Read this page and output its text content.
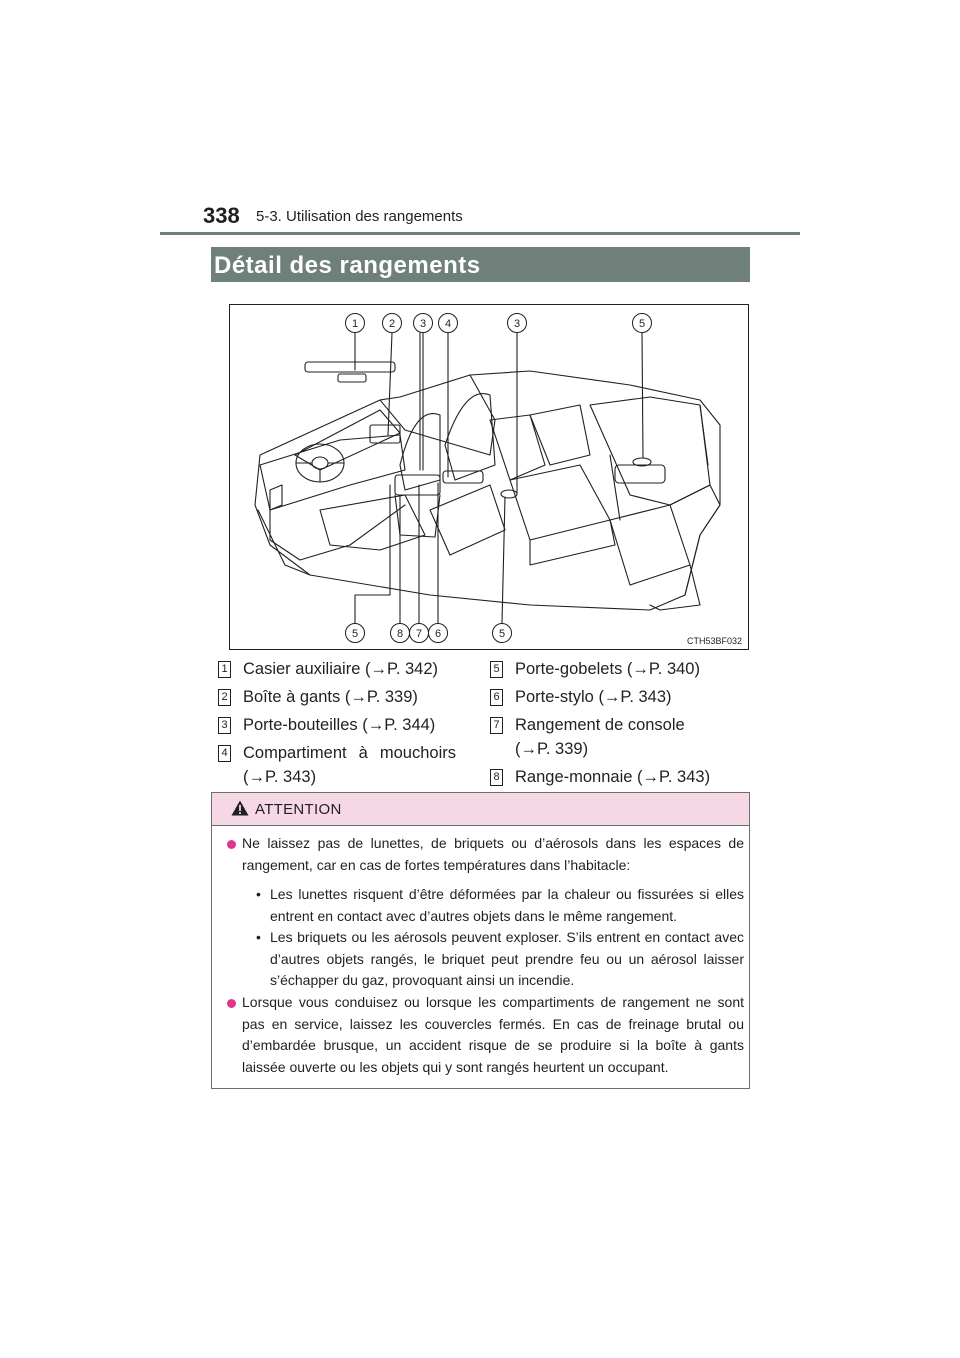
338 5-3. Utilisation des rangements
Détail des rangements
1	2 3 4	3	5
5	8 7 6	5
CTH53BF032
1 Casier auxiliaire (→P. 342)
2 Boîte à gants (→P. 339)
3 Porte-bouteilles (→P. 344)
4 Compartiment à mouchoirs
(→P. 343)
5 Porte-gobelets (→P. 340)
6 Porte-stylo (→P. 343)
7 Rangement de console
(→P. 339)
8 Range-monnaie (→P. 343)
ATTENTION
Ne laissez pas de lunettes, de briquets ou d’aérosols dans les espaces de rangement, car en cas de fortes températures dans l’habitacle:
• Les lunettes risquent d’être déformées par la chaleur ou fissurées si elles entrent en contact avec d’autres objets dans le même rangement.
• Les briquets ou les aérosols peuvent exploser. S’ils entrent en contact avec d’autres objets rangés, le briquet peut prendre feu ou un aérosol laisser s’échapper du gaz, provoquant ainsi un incendie.
Lorsque vous conduisez ou lorsque les compartiments de rangement ne sont pas en service, laissez les couvercles fermés. En cas de freinage brutal ou d’embardée brusque, un accident risque de se produire si la boîte à gants laissée ouverte ou les objets qui y sont rangés heurtent un occupant.
